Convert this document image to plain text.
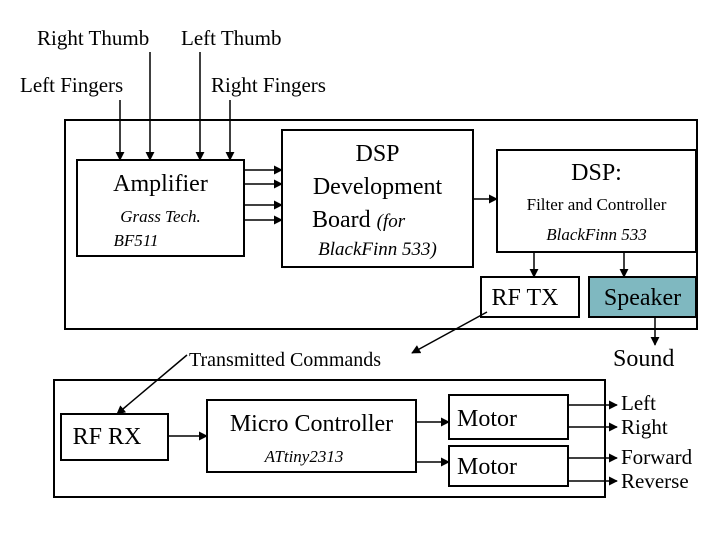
Right Thumb Left Thumb
Left Fingers	Right Fingers
Amplifier
Grass Tech.
BF511
DSP
Development
Board (for
BlackFinn 533)
DSP:
Filter and Controller
BlackFinn 533
RF TX	Speaker
Sound
Transmitted Commands
RF RX	Micro Controller
ATtiny2313
Motor
Motor
Left
Right
Forward
Reverse
